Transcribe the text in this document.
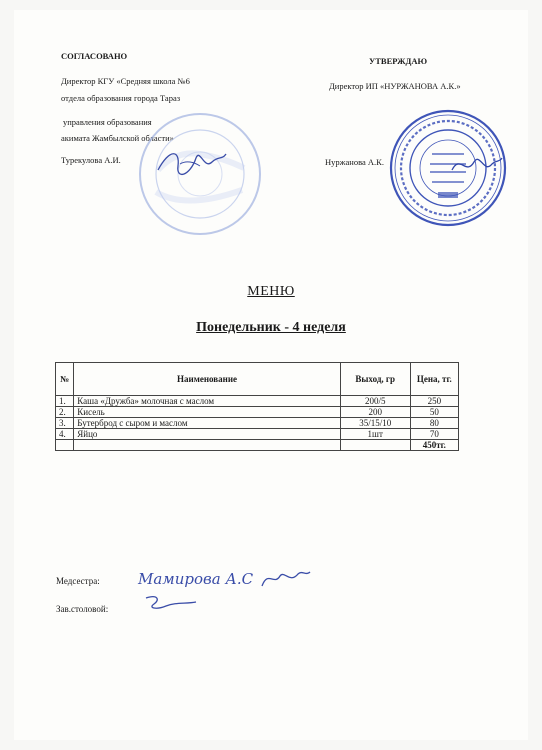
СОГЛАСОВАНО
Директор КГУ «Средняя школа №6
отдела образования города Тараз
управления образования
акимата Жамбылской области»
Турекулова А.И.
УТВЕРЖДАЮ
Директор ИП «НУРЖАНОВА А.К.»
Нуржанова А.К.
МЕНЮ
Понедельник - 4 неделя
№	Наименование	Выход, гр	Цена, тг.
1.	Каша «Дружба» молочная с маслом	200/5	250
2.	Кисель	200	50
3.	Бутерброд с сыром и маслом	35/15/10	80
4.	Яйцо	1шт	70
			450тг.
Медсестра:	Мамирова А.С
Зав.столовой:
